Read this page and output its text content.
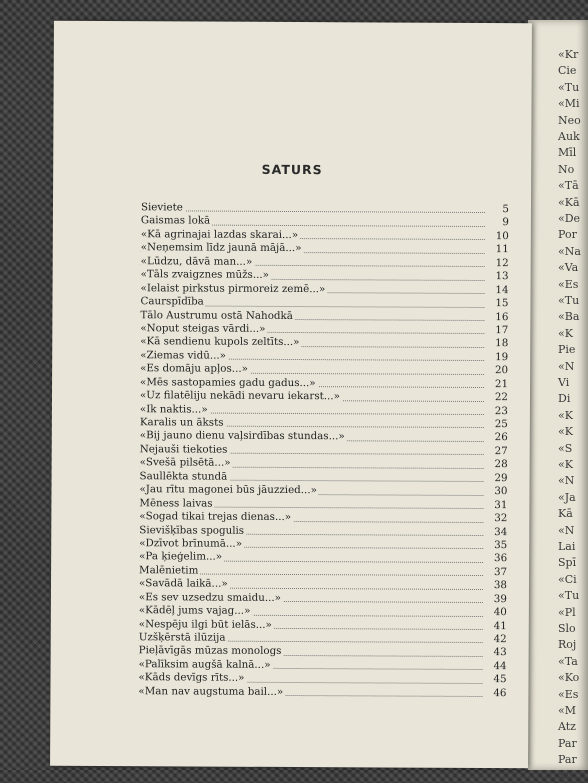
«Kr
Cie
«Tu
«Mi
Neo
Auk
Mīl
No
«Tā
«Kā
«De
Por
«Na
«Va
«Es
«Tu
«Ba
«K
Pie
«N
Vi
Di
«K
«K
«S
«K
«N
«Ja
Kā
«N
Lai
Spī
«Ci
«Tu
«Pl
Slo
Roj
«Ta
«Ko
«Es
«M
Atz
Par
Par
10
SATURS
Sieviete	5
Gaismas lokā	9
«Kā agrinajai lazdas skarai...»	10
«Neņemsim līdz jaunā mājā...»	11
«Lūdzu, dāvā man...»	12
«Tāls zvaigznes mūžs...»	13
«Ielaist pirkstus pirmoreiz zemē...»	14
Caurspīdība	15
Tālo Austrumu ostā Nahodkā	16
«Noput steigas vārdi...»	17
«Kā sendienu kupols zeltīts...»	18
«Ziemas vidū...»	19
«Es domāju apļos...»	20
«Mēs sastopamies gadu gadus...»	21
«Uz filatēliju nekādi nevaru iekarst...»	22
«Ik naktis...»	23
Karalis un āksts	25
«Bij jauno dienu vaļsirdības stundas...»	26
Nejauši tiekoties	27
«Svešā pilsētā...»	28
Saullēkta stundā	29
«Jau rītu magonei būs jāuzzied...»	30
Mēness laivas	31
«Sogad tikai trejas dienas...»	32
Sievišķības spogulis	34
«Dzīvot brīnumā...»	35
«Pa ķieģelim...»	36
Malēnietim	37
«Savādā laikā...»	38
«Es sev uzsedzu smaidu...»	39
«Kādēļ jums vajag...»	40
«Nespēju ilgi būt ielās...»	41
Uzšķērstā ilūzija	42
Pieļāvīgās mūzas monologs	43
«Palīksim augšā kalnā...»	44
«Kāds devīgs rīts...»	45
«Man nav augstuma bail...»	46
